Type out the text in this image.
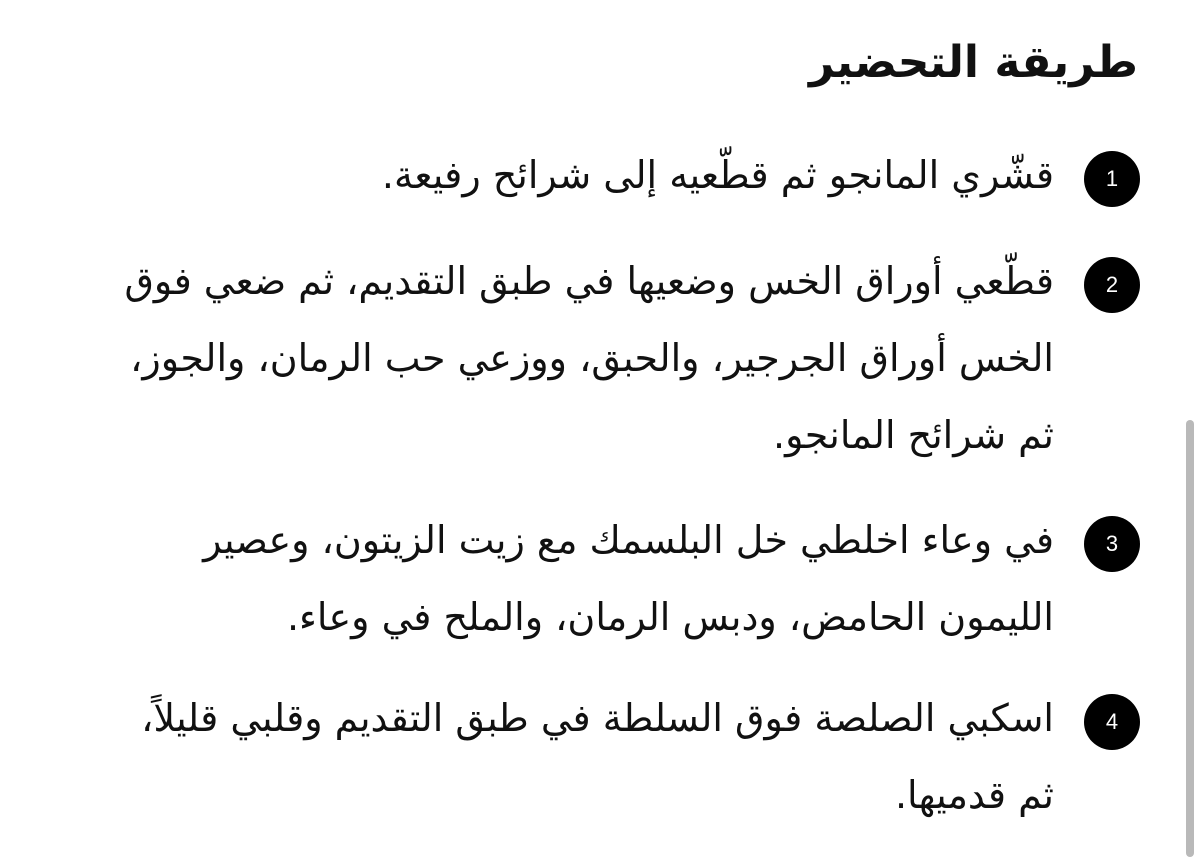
طريقة التحضير
1

قشّري المانجو ثم قطّعيه إلى شرائح رفيعة.

2

قطّعي أوراق الخس وضعيها في طبق التقديم، ثم ضعي فوق الخس أوراق الجرجير، والحبق، ووزعي حب الرمان، والجوز، ثم شرائح المانجو.

3

في وعاء اخلطي خل البلسمك مع زيت الزيتون، وعصير الليمون الحامض، ودبس الرمان، والملح في وعاء.

4

اسكبي الصلصة فوق السلطة في طبق التقديم وقلبي قليلاً، ثم قدميها.
